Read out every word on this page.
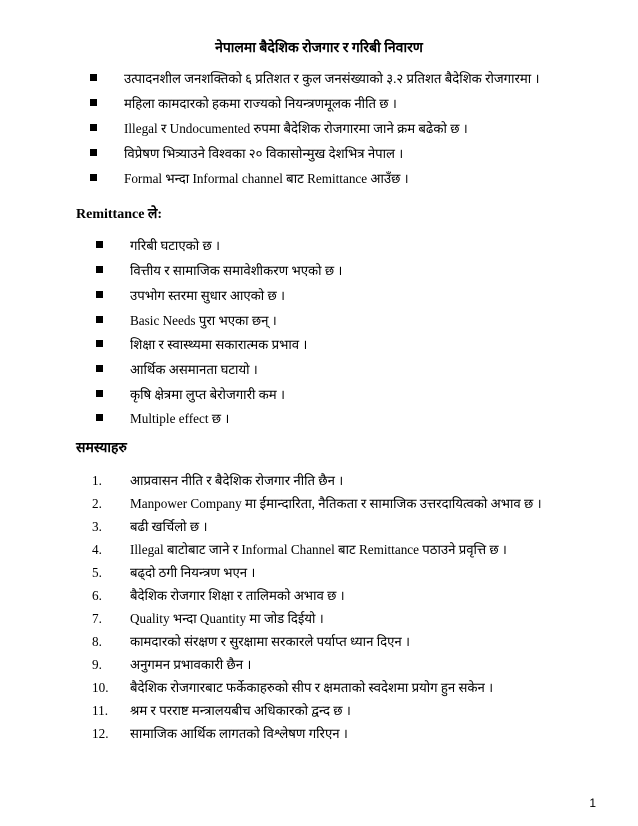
नेपालमा बैदेशिक रोजगार र गरिबी निवारण
उत्पादनशील जनशक्तिको ६ प्रतिशत र कुल जनसंख्याको ३.२ प्रतिशत बैदेशिक रोजगारमा ।
महिला कामदारको हकमा राज्यको नियन्त्रणमूलक नीति छ ।
Illegal र Undocumented रुपमा बैदेशिक रोजगारमा जाने क्रम बढेको छ ।
विप्रेषण भित्र्याउने विश्वका २० विकासोन्मुख देशभित्र नेपाल ।
Formal भन्दा Informal channel बाट Remittance आउँछ ।
Remittance ले:
गरिबी घटाएको छ ।
वित्तीय र सामाजिक समावेशीकरण भएको छ ।
उपभोग स्तरमा सुधार आएको छ ।
Basic Needs पुरा भएका छन् ।
शिक्षा र स्वास्थ्यमा सकारात्मक प्रभाव ।
आर्थिक असमानता घटायो ।
कृषि क्षेत्रमा लुप्त बेरोजगारी कम ।
Multiple effect छ ।
समस्याहरु
1.	आप्रवासन नीति र बैदेशिक रोजगार नीति छैन ।
2.	Manpower Company मा ईमान्दारिता, नैतिकता र सामाजिक उत्तरदायित्वको अभाव छ ।
3.	बढी खर्चिलो छ ।
4.	Illegal बाटोबाट जाने र Informal Channel बाट Remittance पठाउने प्रवृत्ति छ ।
5.	बढ्दो ठगी नियन्त्रण भएन ।
6.	बैदेशिक रोजगार शिक्षा र तालिमको अभाव छ ।
7.	Quality भन्दा Quantity मा जोड दिईयो ।
8.	कामदारको संरक्षण र सुरक्षामा सरकारले पर्याप्त ध्यान दिएन ।
9.	अनुगमन प्रभावकारी छैन ।
10.	बैदेशिक रोजगारबाट फर्केकाहरुको सीप र क्षमताको स्वदेशमा प्रयोग हुन सकेन ।
11.	श्रम र परराष्ट मन्त्रालयबीच अधिकारको द्वन्द छ ।
12.	सामाजिक आर्थिक लागतको विश्लेषण गरिएन ।
1
